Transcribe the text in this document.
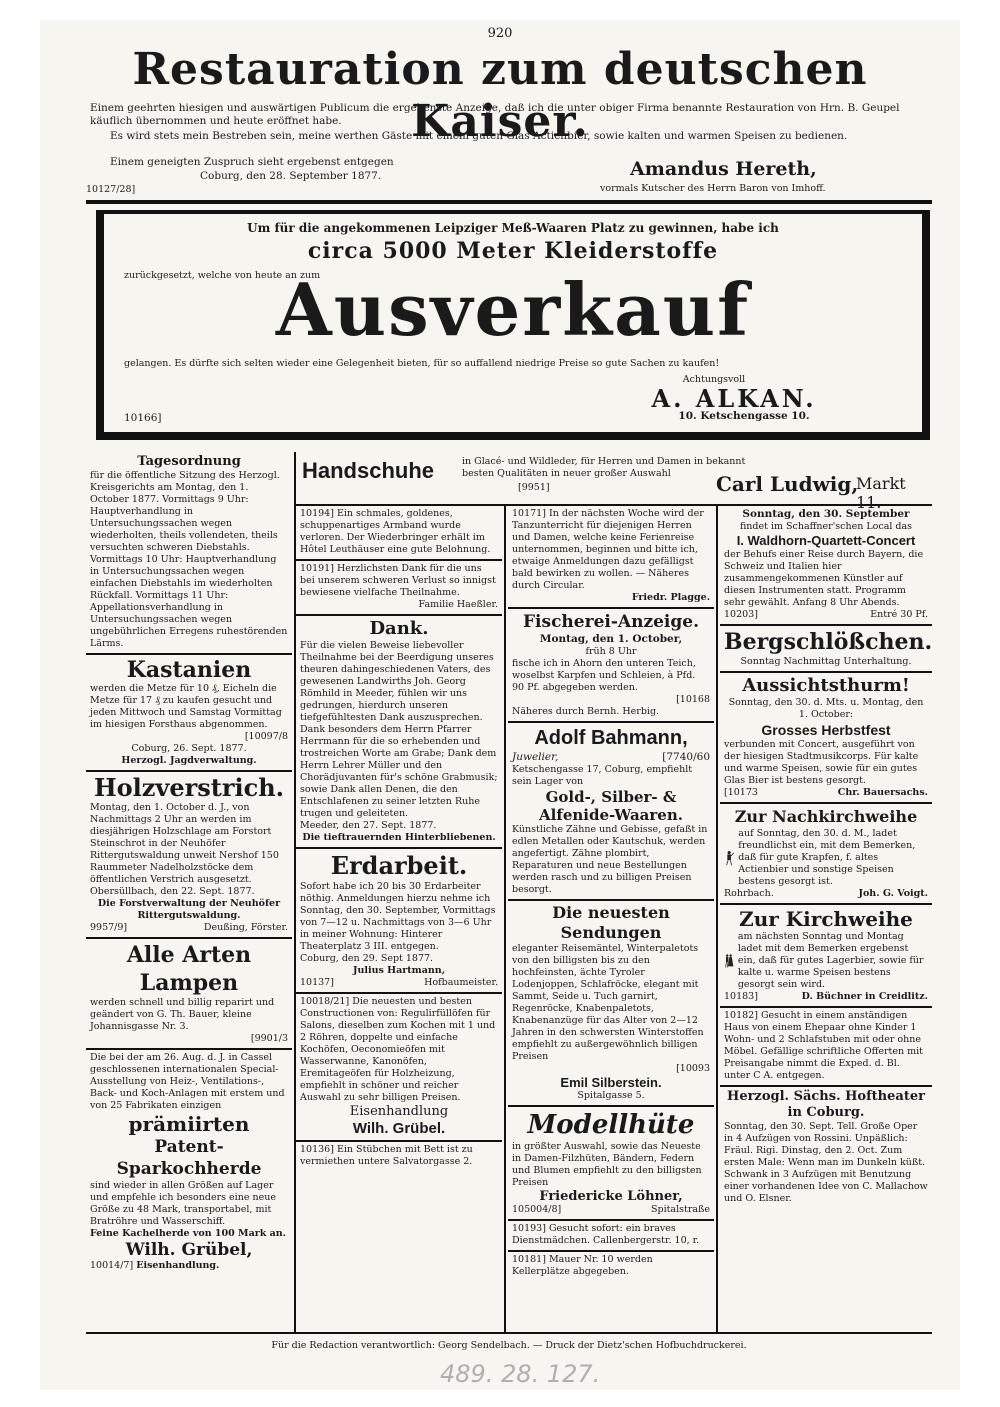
920
Restauration zum deutschen Kaiser.
Einem geehrten hiesigen und auswärtigen Publicum die ergebenste Anzeige, daß ich die unter obiger Firma benannte Restauration von Hrn. B. Geupel käuflich übernommen und heute eröffnet habe.
Es wird stets mein Bestreben sein, meine werthen Gäste mit einem guten Glas Actienbier, sowie kalten und warmen Speisen zu bedienen.
Einem geneigten Zuspruch sieht ergebenst entgegen
Coburg, den 28. September 1877.	Amandus Hereth,
vormals Kutscher des Herrn Baron von Imhoff.
10127/28]
Um für die angekommenen Leipziger Meß-Waaren Platz zu gewinnen, habe ich
circa 5000 Meter Kleiderstoffe
zurückgesetzt, welche von heute an zum
Ausverkauf
gelangen. Es dürfte sich selten wieder eine Gelegenheit bieten, für so auffallend niedrige Preise so gute Sachen zu kaufen!
Achtungsvoll
A. ALKAN.
10. Ketschengasse 10.
10166]
Tagesordnung

für die öffentliche Sitzung des Herzogl. Kreisgerichts am Montag, den 1. October 1877. Vormittags 9 Uhr: Hauptverhandlung in Untersuchungssachen wegen wiederholten, theils vollendeten, theils versuchten schweren Diebstahls. Vormittags 10 Uhr: Hauptverhandlung in Untersuchungssachen wegen einfachen Diebstahls im wiederholten Rückfall. Vormittags 11 Uhr: Appellationsverhandlung in Untersuchungssachen wegen ungebührlichen Erregens ruhestörenden Lärms.

Kastanien

werden die Metze für 10 ₰, Eicheln die Metze für 17 ₰ zu kaufen gesucht und jeden Mittwoch und Samstag Vormittag im hiesigen Forsthaus abgenommen.

[10097/8

Coburg, 26. Sept. 1877.

Herzogl. Jagdverwaltung.

Holzverstrich.

Montag, den 1. October d. J., von Nachmittags 2 Uhr an werden im diesjährigen Holzschlage am Forstort Steinschrot in der Neuhöfer Rittergutswaldung unweit Nershof 150 Raummeter Nadelholzstöcke dem öffentlichen Verstrich ausgesetzt.

Obersüllbach, den 22. Sept. 1877.

Die Forstverwaltung der Neuhöfer Rittergutswaldung.

9957/9]	Deußing, Förster.

Alle Arten Lampen

werden schnell und billig reparirt und geändert von G. Th. Bauer, kleine Johannisgasse Nr. 3.

[9901/3

Die bei der am 26. Aug. d. J. in Cassel geschlossenen internationalen Special-Ausstellung von Heiz-, Ventilations-, Back- und Koch-Anlagen mit erstem und von 25 Fabrikaten einzigen

prämiirten
Patent-Sparkochherde

sind wieder in allen Größen auf Lager und empfehle ich besonders eine neue Größe zu 48 Mark, transportabel, mit Bratröhre und Wasserschiff.

Feine Kachelherde von 100 Mark an.

Wilh. Grübel,

10014/7] Eisenhandlung.

Handschuhe	in Glacé- und Wildleder, für Herren und Damen in bekannt besten Qualitäten in neuer großer Auswahl
[9951]	Carl Ludwig,
Markt 11.

10194] Ein schmales, goldenes, schuppenartiges Armband wurde verloren. Der Wiederbringer erhält im Hôtel Leuthäuser eine gute Belohnung.

10191] Herzlichsten Dank für die uns bei unserem schweren Verlust so innigst bewiesene vielfache Theilnahme.

Familie Haeßler.

Dank.

Für die vielen Beweise liebevoller Theilnahme bei der Beerdigung unseres theuren dahingeschiedenen Vaters, des gewesenen Landwirths Joh. Georg Römhild in Meeder, fühlen wir uns gedrungen, hierdurch unseren tiefgefühltesten Dank auszusprechen. Dank besonders dem Herrn Pfarrer Herrmann für die so erhebenden und trostreichen Worte am Grabe; Dank dem Herrn Lehrer Müller und den Chorädjuvanten für's schöne Grabmusik; sowie Dank allen Denen, die den Entschlafenen zu seiner letzten Ruhe trugen und geleiteten.

Meeder, den 27. Sept. 1877.

Die tieftrauernden Hinterbliebenen.

Erdarbeit.

Sofort habe ich 20 bis 30 Erdarbeiter nöthig. Anmeldungen hierzu nehme ich Sonntag, den 30. September, Vormittags von 7—12 u. Nachmittags von 3—6 Uhr in meiner Wohnung: Hinterer Theaterplatz 3 III. entgegen.

Coburg, den 29. Sept 1877.

Julius Hartmann,

10137]	Hofbaumeister.

10018/21] Die neuesten und besten Constructionen von: Regulirfüllöfen für Salons, dieselben zum Kochen mit 1 und 2 Röhren, doppelte und einfache Kochöfen, Oeconomieöfen mit Wasserwanne, Kanonöfen, Eremitageöfen für Holzheizung, empfiehlt in schöner und reicher Auswahl zu sehr billigen Preisen.

Eisenhandlung

Wilh. Grübel.

10136] Ein Stübchen mit Bett ist zu vermiethen untere Salvatorgasse 2.

10171] In der nächsten Woche wird der Tanzunterricht für diejenigen Herren und Damen, welche keine Ferienreise unternommen, beginnen und bitte ich, etwaige Anmeldungen dazu gefälligst bald bewirken zu wollen. — Näheres durch Circular.

Friedr. Plagge.

Fischerei-Anzeige.

Montag, den 1. October,

früh 8 Uhr

fische ich in Ahorn den unteren Teich, woselbst Karpfen und Schleien, à Pfd. 90 Pf. abgegeben werden.

[10168

Näheres durch Bernh. Herbig.

Adolf Bahmann,

Juwelier,	[7740/60

Ketschengasse 17, Coburg, empfiehlt sein Lager von

Gold-, Silber- & Alfenide-Waaren.

Künstliche Zähne und Gebisse, gefaßt in edlen Metallen oder Kautschuk, werden angefertigt. Zähne plombirt, Reparaturen und neue Bestellungen werden rasch und zu billigen Preisen besorgt.

Die neuesten Sendungen

eleganter Reisemäntel, Winterpaletots von den billigsten bis zu den hochfeinsten, ächte Tyroler Lodenjoppen, Schlafröcke, elegant mit Sammt, Seide u. Tuch garnirt, Regenröcke, Knabenpaletots, Knabenanzüge für das Alter von 2—12 Jahren in den schwersten Winterstoffen empfiehlt zu außergewöhnlich billigen Preisen

[10093

Emil Silberstein.

Spitalgasse 5.

Modellhüte

in größter Auswahl, sowie das Neueste in Damen-Filzhüten, Bändern, Federn und Blumen empfiehlt zu den billigsten Preisen

Friedericke Löhner,

105004/8]	Spitalstraße

10193] Gesucht sofort: ein braves Dienstmädchen. Callenbergerstr. 10, r.

10181] Mauer Nr. 10 werden Kellerplätze abgegeben.

Sonntag, den 30. September

findet im Schaffner'schen Local das

I. Waldhorn-Quartett-Concert

der Behufs einer Reise durch Bayern, die Schweiz und Italien hier zusammengekommenen Künstler auf diesen Instrumenten statt. Programm sehr gewählt. Anfang 8 Uhr Abends.

10203]	Entré 30 Pf.

Bergschlößchen.

Sonntag Nachmittag Unterhaltung.

Aussichtsthurm!

Sonntag, den 30. d. Mts. u. Montag, den 1. October:

Grosses Herbstfest

verbunden mit Concert, ausgeführt von der hiesigen Stadtmusikcorps. Für kalte und warme Speisen, sowie für ein gutes Glas Bier ist bestens gesorgt.

[10173	Chr. Bauersachs.

Zur Nachkirchweihe

auf Sonntag, den 30. d. M., ladet freundlichst ein, mit dem Bemerken, daß für gute Krapfen, f. altes Actienbier und sonstige Speisen bestens gesorgt ist.

Rohrbach.	Joh. G. Voigt.

Zur Kirchweihe

am nächsten Sonntag und Montag ladet mit dem Bemerken ergebenst ein, daß für gutes Lagerbier, sowie für kalte u. warme Speisen bestens gesorgt sein wird.

10183]	D. Büchner in Creidlitz.

10182] Gesucht in einem anständigen Haus von einem Ehepaar ohne Kinder 1 Wohn- und 2 Schlafstuben mit oder ohne Möbel. Gefällige schriftliche Offerten mit Preisangabe nimmt die Exped. d. Bl. unter C A. entgegen.

Herzogl. Sächs. Hoftheater in Coburg.

Sonntag, den 30. Sept. Tell. Große Oper in 4 Aufzügen von Rossini. Unpäßlich: Fräul. Rigi. Dinstag, den 2. Oct. Zum ersten Male: Wenn man im Dunkeln küßt. Schwank in 3 Aufzügen mit Benutzung einer vorhandenen Idee von C. Mallachow und O. Elsner.

Für die Redaction verantwortlich: Georg Sendelbach. — Druck der Dietz'schen Hofbuchdruckerei.
489. 28. 127.
